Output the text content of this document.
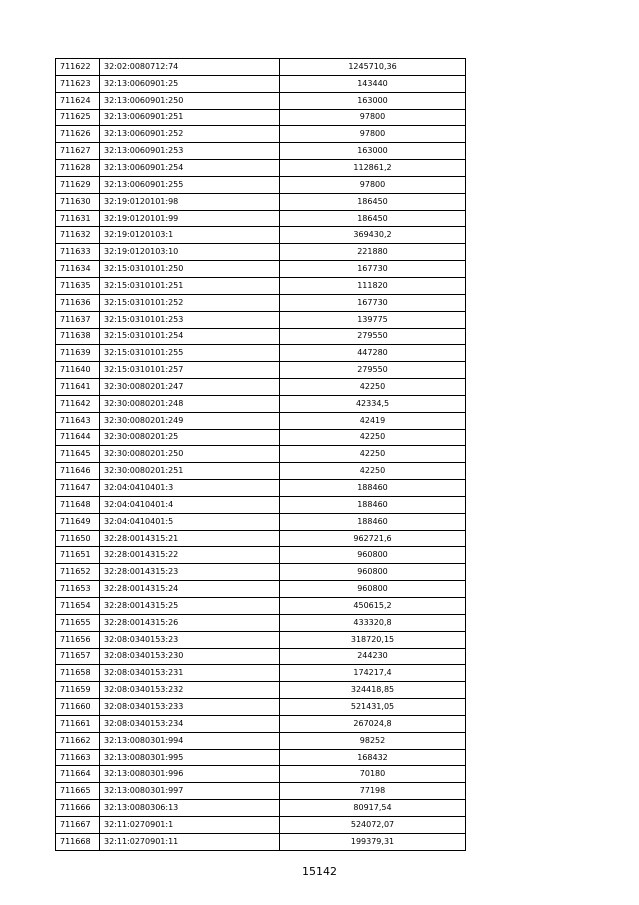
711622	32:02:0080712:74	1245710,36
711623	32:13:0060901:25	143440
711624	32:13:0060901:250	163000
711625	32:13:0060901:251	97800
711626	32:13:0060901:252	97800
711627	32:13:0060901:253	163000
711628	32:13:0060901:254	112861,2
711629	32:13:0060901:255	97800
711630	32:19:0120101:98	186450
711631	32:19:0120101:99	186450
711632	32:19:0120103:1	369430,2
711633	32:19:0120103:10	221880
711634	32:15:0310101:250	167730
711635	32:15:0310101:251	111820
711636	32:15:0310101:252	167730
711637	32:15:0310101:253	139775
711638	32:15:0310101:254	279550
711639	32:15:0310101:255	447280
711640	32:15:0310101:257	279550
711641	32:30:0080201:247	42250
711642	32:30:0080201:248	42334,5
711643	32:30:0080201:249	42419
711644	32:30:0080201:25	42250
711645	32:30:0080201:250	42250
711646	32:30:0080201:251	42250
711647	32:04:0410401:3	188460
711648	32:04:0410401:4	188460
711649	32:04:0410401:5	188460
711650	32:28:0014315:21	962721,6
711651	32:28:0014315:22	960800
711652	32:28:0014315:23	960800
711653	32:28:0014315:24	960800
711654	32:28:0014315:25	450615,2
711655	32:28:0014315:26	433320,8
711656	32:08:0340153:23	318720,15
711657	32:08:0340153:230	244230
711658	32:08:0340153:231	174217,4
711659	32:08:0340153:232	324418,85
711660	32:08:0340153:233	521431,05
711661	32:08:0340153:234	267024,8
711662	32:13:0080301:994	98252
711663	32:13:0080301:995	168432
711664	32:13:0080301:996	70180
711665	32:13:0080301:997	77198
711666	32:13:0080306:13	80917,54
711667	32:11:0270901:1	524072,07
711668	32:11:0270901:11	199379,31
15142
